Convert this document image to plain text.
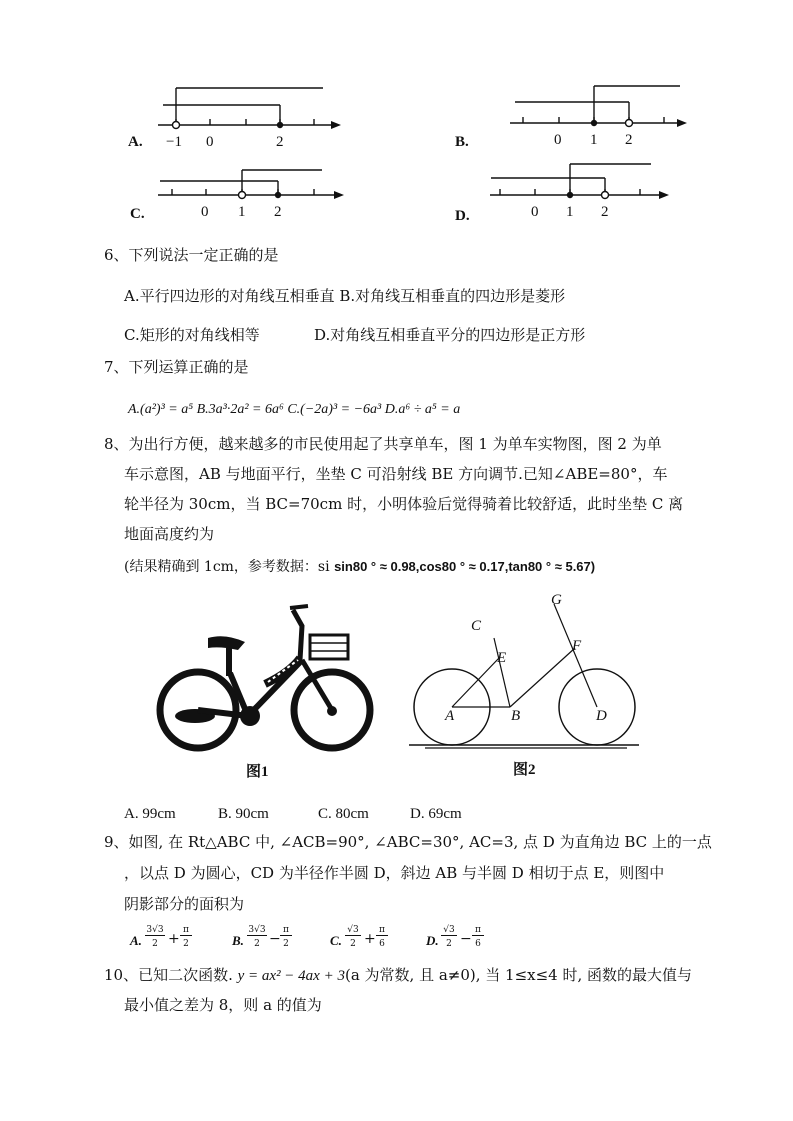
A. −1 0	2	B.	0 1 2
C.	0 1 2	D.	0 1 2
6、下列说法一定正确的是
A.平行四边形的对角线互相垂直 B.对角线互相垂直的四边形是菱形
C.矩形的对角线相等	D.对角线互相垂直平分的四边形是正方形
7、下列运算正确的是
A.(a²)³ = a⁵ B.3a³·2a² = 6a⁶ C.(−2a)³ = −6a³ D.a⁶ ÷ a⁵ = a
8、为出行方便，越来越多的市民使用起了共享单车，图 1 为单车实物图，图 2 为单
车示意图，AB 与地面平行，坐垫 C 可沿射线 BE 方向调节.已知∠ABE=80°，车
轮半径为 30cm，当 BC=70cm 时，小明体验后觉得骑着比较舒适，此时坐垫 C 离
地面高度约为
(结果精确到 1cm，参考数据：si sin80 ° ≈ 0.98,cos80 ° ≈ 0.17,tan80 ° ≈ 5.67)
图1
A	B
C
E
F
G
D
图2
A. 99cm	B. 90cm	C. 80cm	D. 69cm
9、如图, 在 Rt△ABC 中, ∠ACB=90°, ∠ABC=30°, AC=3, 点 D 为直角边 BC 上的一点
，以点 D 为圆心，CD 为半径作半圆 D，斜边 AB 与半圆 D 相切于点 E，则图中
阴影部分的面积为
A.
3√3
2 +
π
2	B.
3√3
2 −
π
2	C.
√3
2 +
π
6	D.
√3
2 −
π
6
10、已知二次函数. y = ax² − 4ax + 3(a 为常数, 且 a≠0), 当 1≤x≤4 时, 函数的最大值与
最小值之差为 8，则 a 的值为
